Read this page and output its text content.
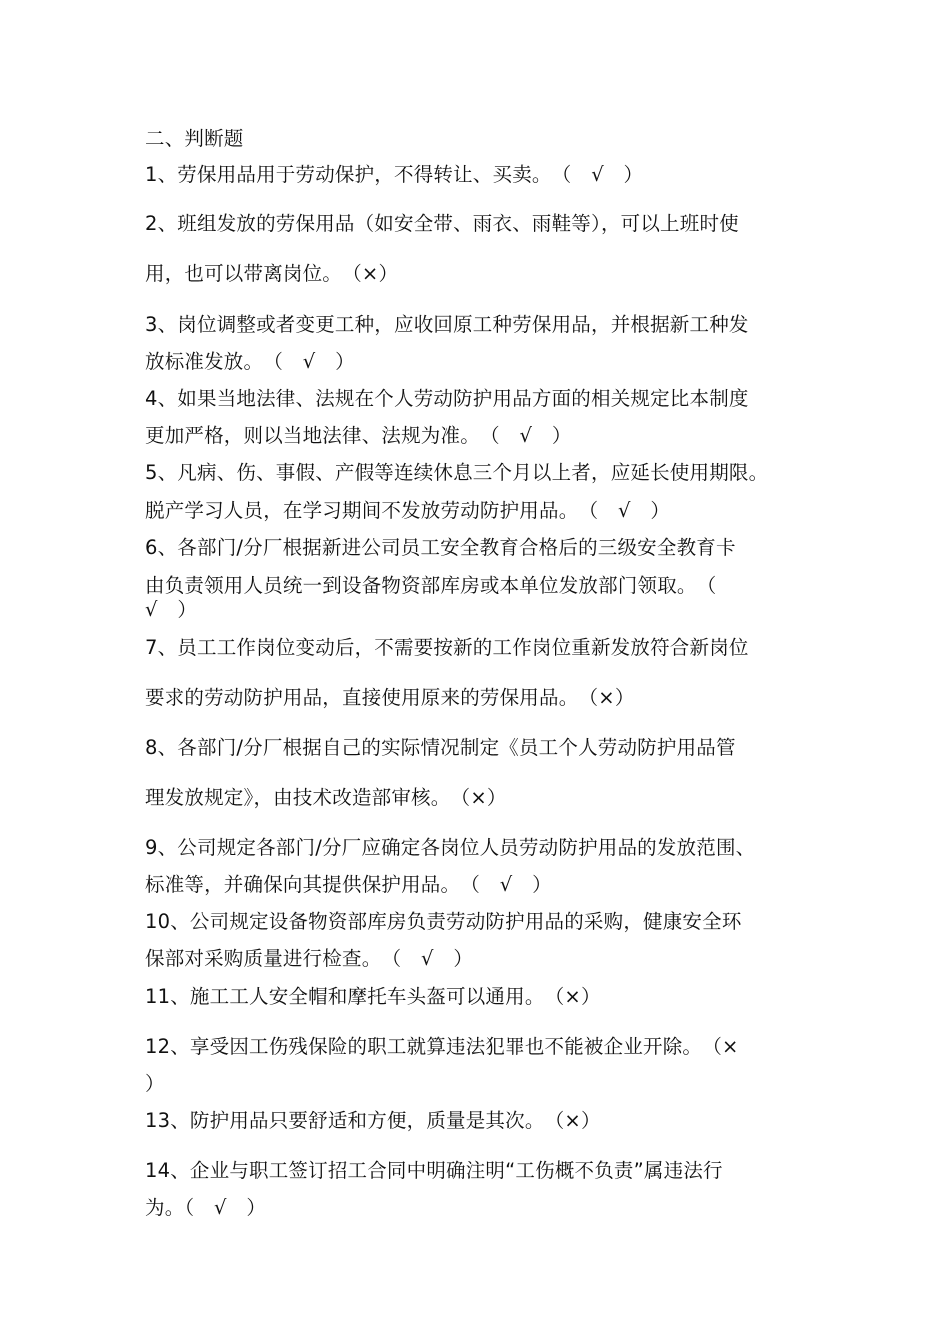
二、判断题
1、劳保用品用于劳动保护，不得转让、买卖。　（　√　）
2、班组发放的劳保用品（如安全带、雨衣、雨鞋等），可以上班时使
用，也可以带离岗位。　（×）
3、岗位调整或者变更工种，应收回原工种劳保用品，并根据新工种发
放标准发放。　（　√　）
4、如果当地法律、法规在个人劳动防护用品方面的相关规定比本制度
更加严格，则以当地法律、法规为准。　（　√　）
5、凡病、伤、事假、产假等连续休息三个月以上者，应延长使用期限。
脱产学习人员，在学习期间不发放劳动防护用品。　（　√　）
6、各部门/分厂根据新进公司员工安全教育合格后的三级安全教育卡
由负责领用人员统一到设备物资部库房或本单位发放部门领取。　（
√　）
7、员工工作岗位变动后，不需要按新的工作岗位重新发放符合新岗位
要求的劳动防护用品，直接使用原来的劳保用品。　（×）
8、各部门/分厂根据自己的实际情况制定《员工个人劳动防护用品管
理发放规定》，由技术改造部审核。　（×）
9、公司规定各部门/分厂应确定各岗位人员劳动防护用品的发放范围、
标准等，并确保向其提供保护用品。　（　√　）
10、公司规定设备物资部库房负责劳动防护用品的采购，健康安全环
保部对采购质量进行检查。　（　√　）
11、施工工人安全帽和摩托车头盔可以通用。　（×）
12、享受因工伤残保险的职工就算违法犯罪也不能被企业开除。　（×
）
13、防护用品只要舒适和方便，质量是其次。　（×）
14、企业与职工签订招工合同中明确注明“工伤概不负责”属违法行
为。（　√　）
